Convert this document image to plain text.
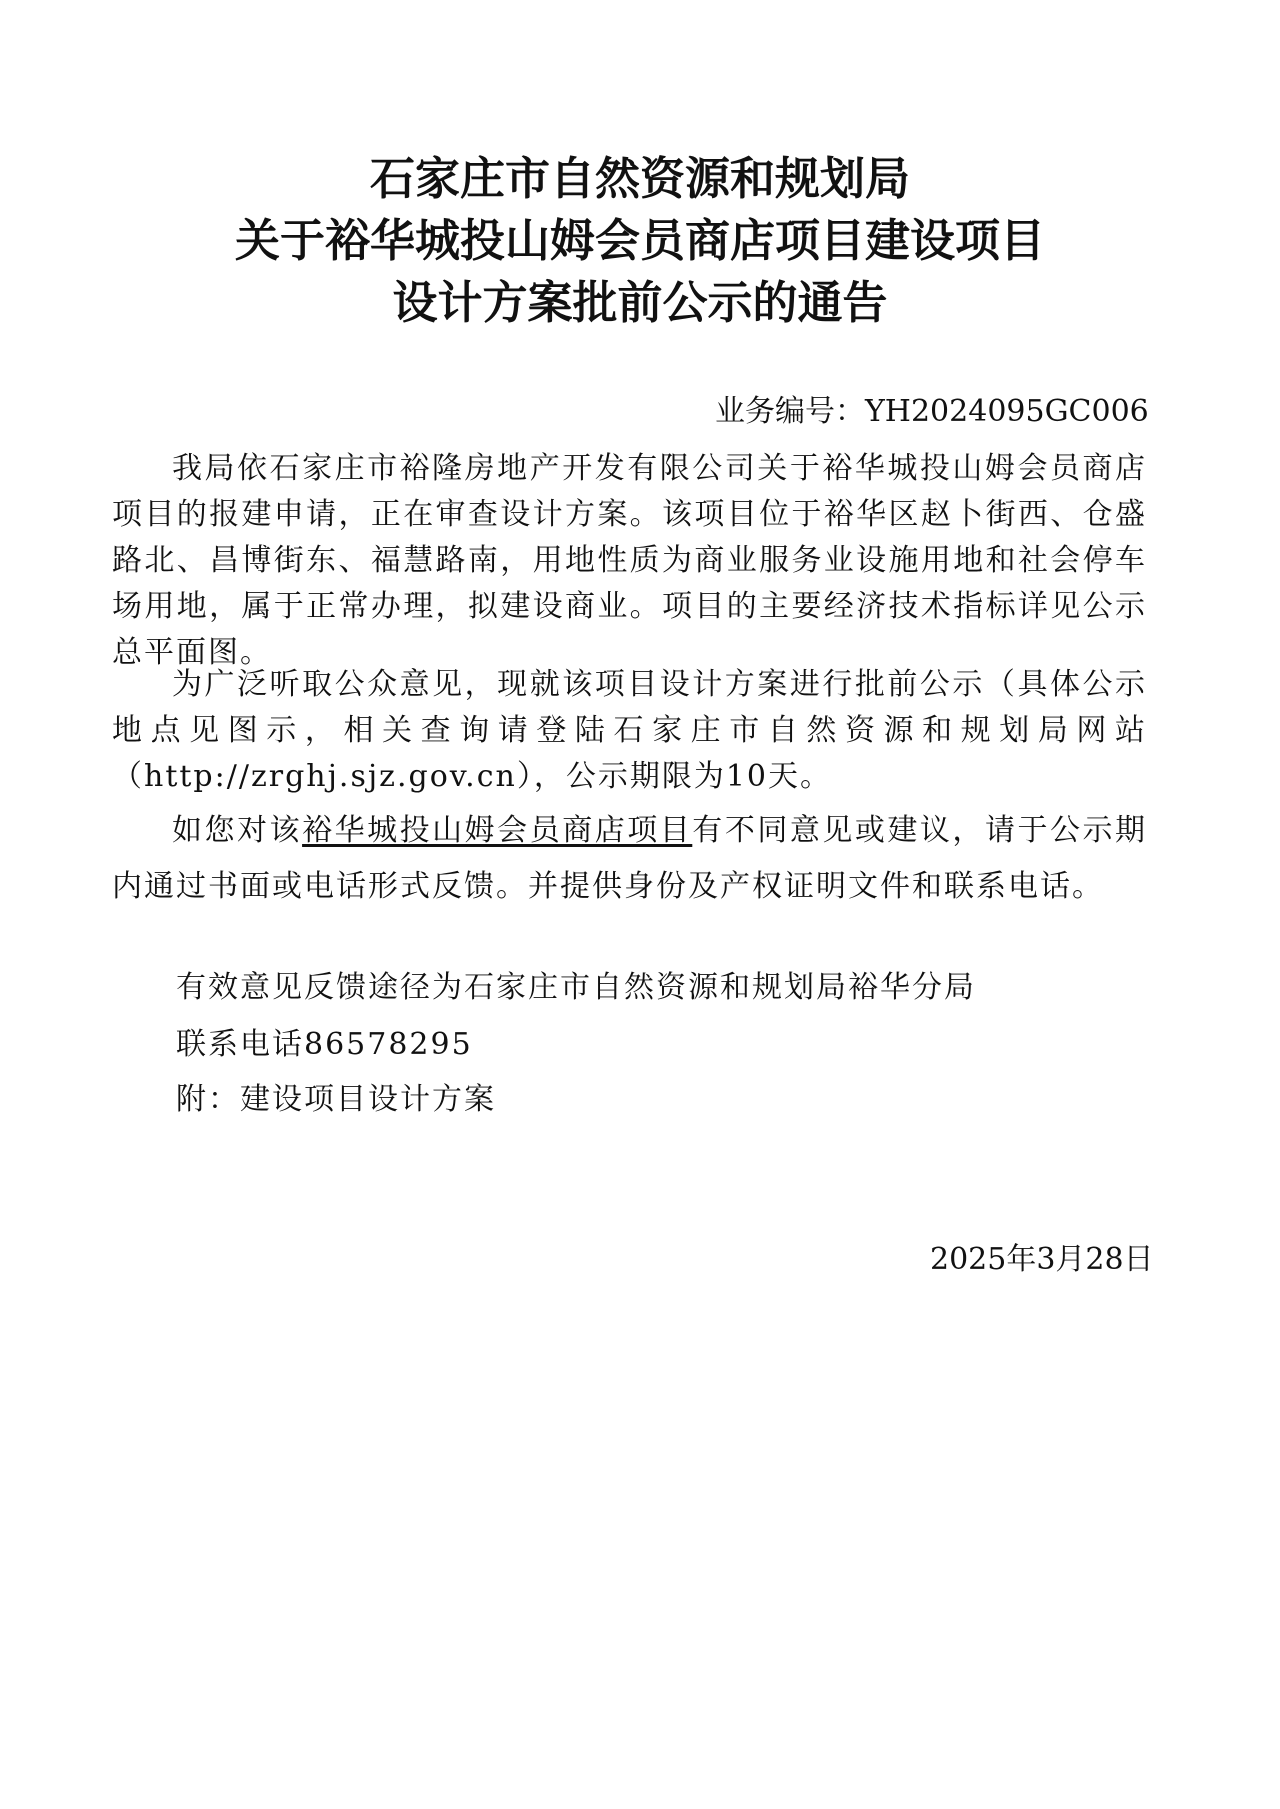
石家庄市自然资源和规划局
关于裕华城投山姆会员商店项目建设项目
设计方案批前公示的通告
业务编号：YH2024095GC006
我局依石家庄市裕隆房地产开发有限公司关于裕华城投山姆会员商店项目的报建申请，正在审查设计方案。该项目位于裕华区赵卜街西、仓盛路北、昌博街东、福慧路南，用地性质为商业服务业设施用地和社会停车场用地，属于正常办理，拟建设商业。项目的主要经济技术指标详见公示总平面图。
为广泛听取公众意见，现就该项目设计方案进行批前公示（具体公示地点见图示，相关查询请登陆石家庄市自然资源和规划局网站（http://zrghj.sjz.gov.cn），公示期限为10天。
如您对该裕华城投山姆会员商店项目有不同意见或建议，请于公示期内通过书面或电话形式反馈。并提供身份及产权证明文件和联系电话。
有效意见反馈途径为石家庄市自然资源和规划局裕华分局
联系电话86578295
附：建设项目设计方案
2025年3月28日
